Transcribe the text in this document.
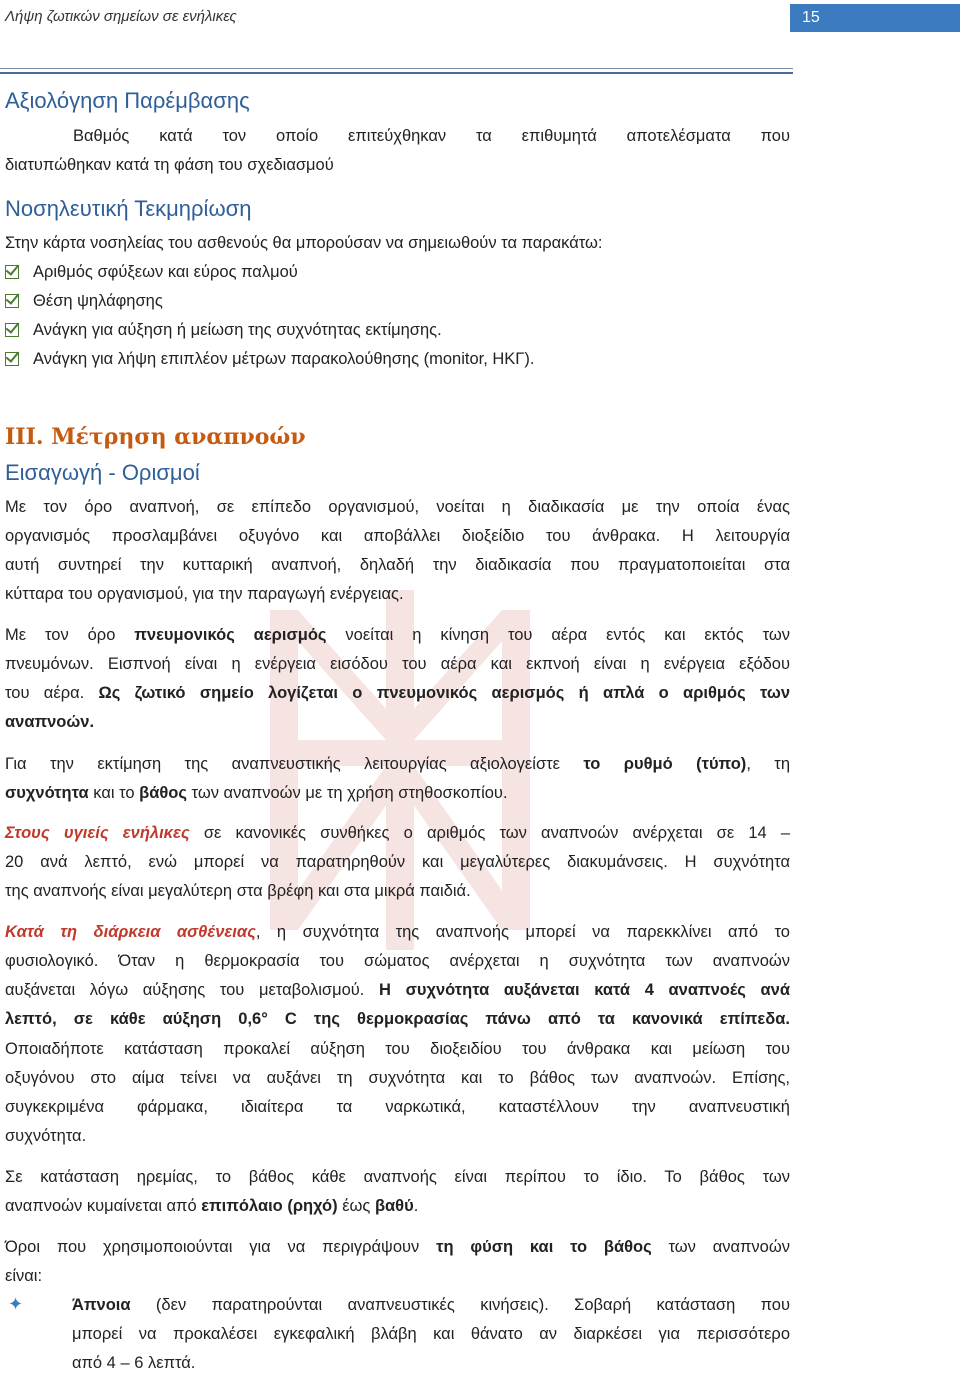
Λήψη ζωτικών σημείων σε ενήλικες	15
Αξιολόγηση Παρέμβασης
Βαθμός κατά τον οποίο επιτεύχθηκαν τα επιθυμητά αποτελέσματα που
διατυπώθηκαν κατά τη φάση του σχεδιασμού
Νοσηλευτική Τεκμηρίωση
Στην κάρτα νοσηλείας του ασθενούς θα μπορούσαν να σημειωθούν τα παρακάτω:
Αριθμός σφύξεων και εύρος παλμού
Θέση ψηλάφησης
Ανάγκη για αύξηση ή μείωση της συχνότητας εκτίμησης.
Ανάγκη για λήψη επιπλέον μέτρων παρακολούθησης (monitor, ΗΚΓ).
III. Μέτρηση αναπνοών
Εισαγωγή - Ορισμοί
Με τον όρο αναπνοή, σε επίπεδο οργανισμού, νοείται η διαδικασία με την οποία ένας
οργανισμός προσλαμβάνει οξυγόνο και αποβάλλει διοξείδιο του άνθρακα. Η λειτουργία
αυτή συντηρεί την κυτταρική αναπνοή, δηλαδή την διαδικασία που πραγματοποιείται στα
κύτταρα του οργανισμού, για την παραγωγή ενέργειας.
Με τον όρο πνευμονικός αερισμός νοείται η κίνηση του αέρα εντός και εκτός των
πνευμόνων. Εισπνοή είναι η ενέργεια εισόδου του αέρα και εκπνοή είναι η ενέργεια εξόδου
του αέρα. Ως ζωτικό σημείο λογίζεται ο πνευμονικός αερισμός ή απλά ο αριθμός των
αναπνοών.
Για την εκτίμηση της αναπνευστικής λειτουργίας αξιολογείστε το ρυθμό (τύπο), τη
συχνότητα και το βάθος των αναπνοών με τη χρήση στηθοσκοπίου.
Στους υγιείς ενήλικες σε κανονικές συνθήκες ο αριθμός των αναπνοών ανέρχεται σε 14 –
20 ανά λεπτό, ενώ μπορεί να παρατηρηθούν και μεγαλύτερες διακυμάνσεις. Η συχνότητα
της αναπνοής είναι μεγαλύτερη στα βρέφη και στα μικρά παιδιά.
Κατά τη διάρκεια ασθένειας, η συχνότητα της αναπνοής μπορεί να παρεκκλίνει από το
φυσιολογικό. Όταν η θερμοκρασία του σώματος ανέρχεται η συχνότητα των αναπνοών
αυξάνεται λόγω αύξησης του μεταβολισμού. Η συχνότητα αυξάνεται κατά 4 αναπνοές ανά
λεπτό, σε κάθε αύξηση 0,6° C της θερμοκρασίας πάνω από τα κανονικά επίπεδα.
Οποιαδήποτε κατάσταση προκαλεί αύξηση του διοξειδίου του άνθρακα και μείωση του
οξυγόνου στο αίμα τείνει να αυξάνει τη συχνότητα και το βάθος των αναπνοών. Επίσης,
συγκεκριμένα φάρμακα, ιδιαίτερα τα ναρκωτικά, καταστέλλουν την αναπνευστική
συχνότητα.
Σε κατάσταση ηρεμίας, το βάθος κάθε αναπνοής είναι περίπου το ίδιο. Το βάθος των
αναπνοών κυμαίνεται από επιπόλαιο (ρηχό) έως βαθύ.
Όροι που χρησιμοποιούνται για να περιγράψουν τη φύση και το βάθος των αναπνοών
είναι:
✦	Άπνοια (δεν παρατηρούνται αναπνευστικές κινήσεις). Σοβαρή κατάσταση που
μπορεί να προκαλέσει εγκεφαλική βλάβη και θάνατο αν διαρκέσει για περισσότερο
από 4 – 6 λεπτά.
